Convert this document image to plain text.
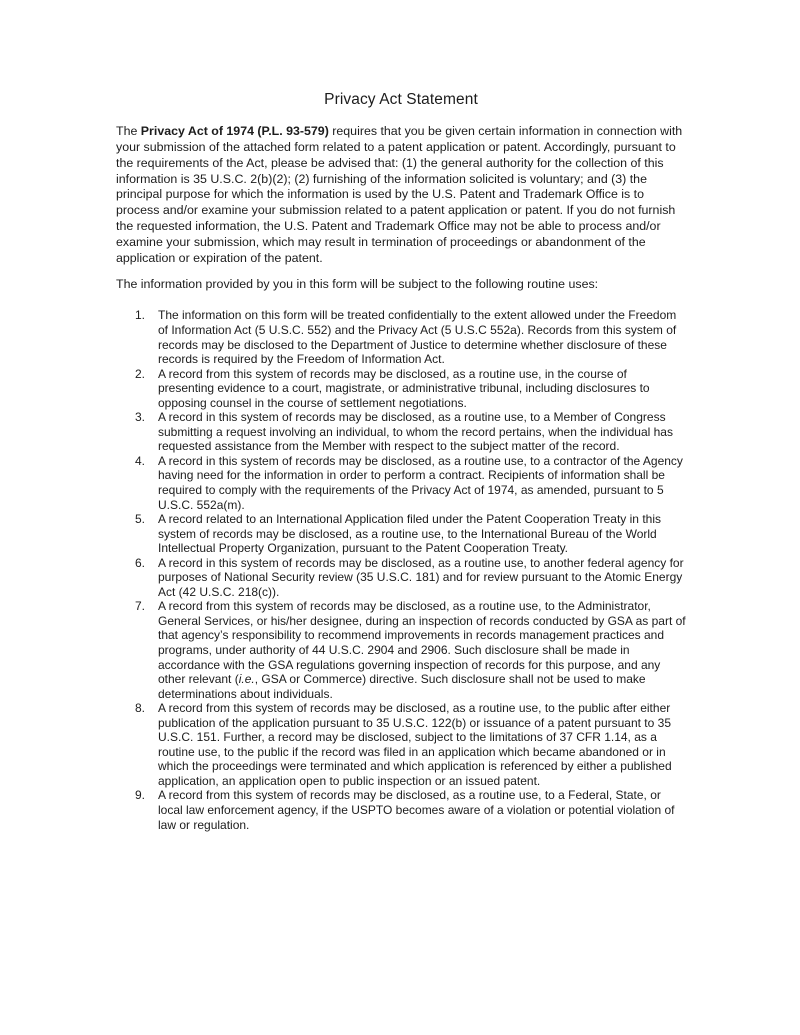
Privacy Act Statement
The Privacy Act of 1974 (P.L. 93-579) requires that you be given certain information in connection with your submission of the attached form related to a patent application or patent. Accordingly, pursuant to the requirements of the Act, please be advised that: (1) the general authority for the collection of this information is 35 U.S.C. 2(b)(2); (2) furnishing of the information solicited is voluntary; and (3) the principal purpose for which the information is used by the U.S. Patent and Trademark Office is to process and/or examine your submission related to a patent application or patent. If you do not furnish the requested information, the U.S. Patent and Trademark Office may not be able to process and/or examine your submission, which may result in termination of proceedings or abandonment of the application or expiration of the patent.
The information provided by you in this form will be subject to the following routine uses:
1.	The information on this form will be treated confidentially to the extent allowed under the Freedom of Information Act (5 U.S.C. 552) and the Privacy Act (5 U.S.C 552a). Records from this system of records may be disclosed to the Department of Justice to determine whether disclosure of these records is required by the Freedom of Information Act.
2.	A record from this system of records may be disclosed, as a routine use, in the course of presenting evidence to a court, magistrate, or administrative tribunal, including disclosures to opposing counsel in the course of settlement negotiations.
3.	A record in this system of records may be disclosed, as a routine use, to a Member of Congress submitting a request involving an individual, to whom the record pertains, when the individual has requested assistance from the Member with respect to the subject matter of the record.
4.	A record in this system of records may be disclosed, as a routine use, to a contractor of the Agency having need for the information in order to perform a contract. Recipients of information shall be required to comply with the requirements of the Privacy Act of 1974, as amended, pursuant to 5 U.S.C. 552a(m).
5.	A record related to an International Application filed under the Patent Cooperation Treaty in this system of records may be disclosed, as a routine use, to the International Bureau of the World Intellectual Property Organization, pursuant to the Patent Cooperation Treaty.
6.	A record in this system of records may be disclosed, as a routine use, to another federal agency for purposes of National Security review (35 U.S.C. 181) and for review pursuant to the Atomic Energy Act (42 U.S.C. 218(c)).
7.	A record from this system of records may be disclosed, as a routine use, to the Administrator, General Services, or his/her designee, during an inspection of records conducted by GSA as part of that agency’s responsibility to recommend improvements in records management practices and programs, under authority of 44 U.S.C. 2904 and 2906. Such disclosure shall be made in accordance with the GSA regulations governing inspection of records for this purpose, and any other relevant (i.e., GSA or Commerce) directive. Such disclosure shall not be used to make determinations about individuals.
8.	A record from this system of records may be disclosed, as a routine use, to the public after either publication of the application pursuant to 35 U.S.C. 122(b) or issuance of a patent pursuant to 35 U.S.C. 151. Further, a record may be disclosed, subject to the limitations of 37 CFR 1.14, as a routine use, to the public if the record was filed in an application which became abandoned or in which the proceedings were terminated and which application is referenced by either a published application, an application open to public inspection or an issued patent.
9.	A record from this system of records may be disclosed, as a routine use, to a Federal, State, or local law enforcement agency, if the USPTO becomes aware of a violation or potential violation of law or regulation.
